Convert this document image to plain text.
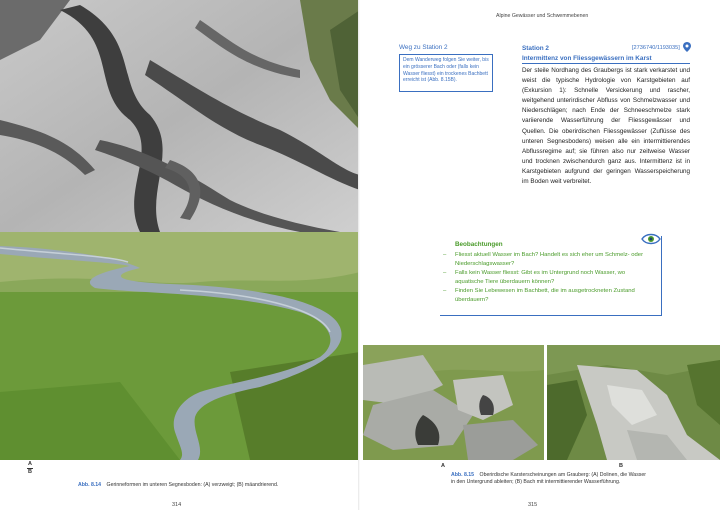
A
B
Abb. 8.14 Gerinneformen im unteren Segnesboden: (A) verzweigt; (B) mäandrierend.
314
Alpine Gewässer und Schwemmebenen
Weg zu Station 2
Dem Wanderweg folgen Sie weiter, bis ein grösserer Bach oder (falls kein Wasser fliesst) ein trockenes Bachbett erreicht ist (Abb. 8.15B).
Station 2	[2736740/1193035]
Intermittenz von Fliessgewässern im Karst
Der steile Nordhang des Graubergs ist stark verkarstet und weist die typische Hydrologie von Karstgebieten auf (Exkursion 1): Schnelle Versickerung und rascher, weitgehend unterirdischer Abfluss von Schmelzwasser und Niederschlägen; nach Ende der Schneeschmelze stark variierende Wasserführung der Fliessgewässer und Quellen. Die oberirdischen Fliessgewässer (Zuflüsse des unteren Segnesbodens) weisen alle ein intermittierendes Abflussregime auf; sie führen also nur zeitweise Wasser und trocknen zwischendurch ganz aus. Intermittenz ist in Karstgebieten aufgrund der geringen Wasserspeicherung im Boden weit verbreitet.
Beobachtungen
– Fliesst aktuell Wasser im Bach? Handelt es sich eher um Schmelz- oder Niederschlagswasser?
– Falls kein Wasser fliesst: Gibt es im Untergrund noch Wasser, wo aquatische Tiere überdauern können?
– Finden Sie Lebewesen im Bachbett, die im ausgetrockneten Zustand überdauern?
A	B
Abb. 8.15 Oberirdische Karsterscheinungen am Grauberg: (A) Dolinen, die Wasser in den Untergrund ableiten; (B) Bach mit intermittierender Wasserführung.
315
